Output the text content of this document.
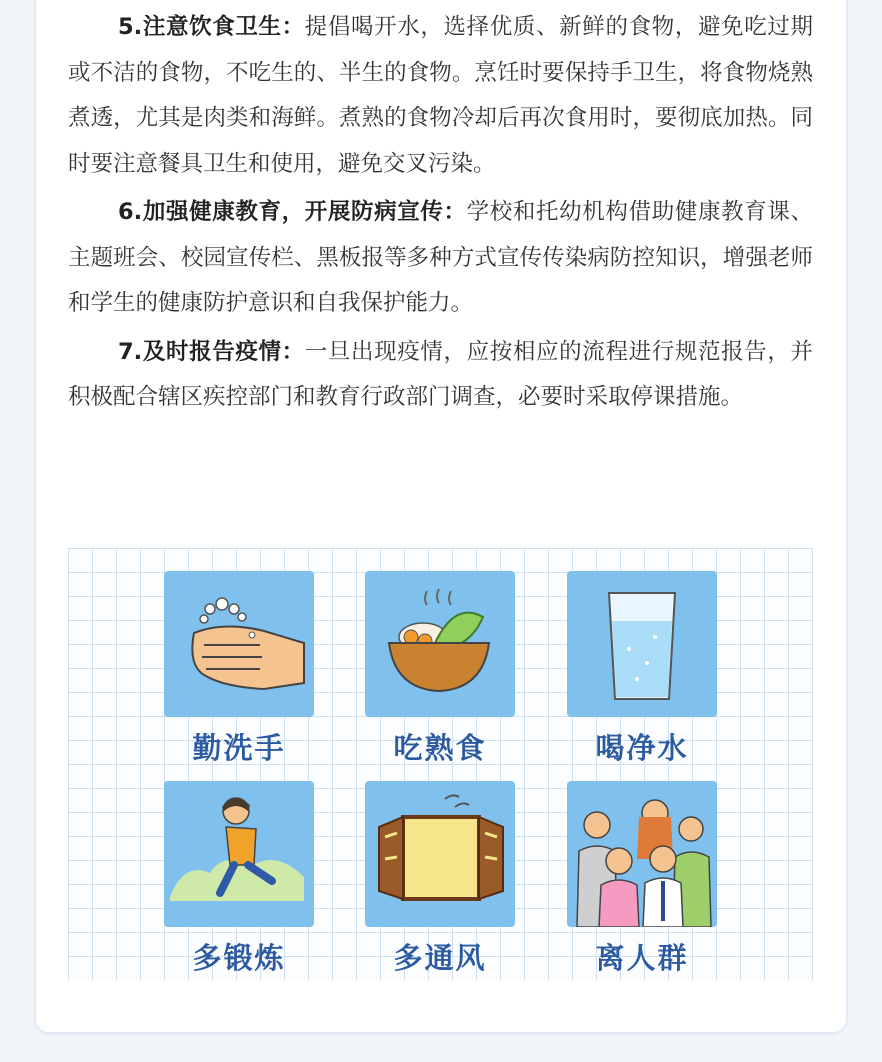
5.注意饮食卫生：提倡喝开水，选择优质、新鲜的食物，避免吃过期或不洁的食物，不吃生的、半生的食物。烹饪时要保持手卫生，将食物烧熟煮透，尤其是肉类和海鲜。煮熟的食物冷却后再次食用时，要彻底加热。同时要注意餐具卫生和使用，避免交叉污染。

6.加强健康教育，开展防病宣传：学校和托幼机构借助健康教育课、主题班会、校园宣传栏、黑板报等多种方式宣传传染病防控知识，增强老师和学生的健康防护意识和自我保护能力。

7.及时报告疫情：一旦出现疫情，应按相应的流程进行规范报告，并积极配合辖区疾控部门和教育行政部门调查，必要时采取停课措施。

勤洗手	吃熟食	喝净水
多锻炼	多通风	离人群
